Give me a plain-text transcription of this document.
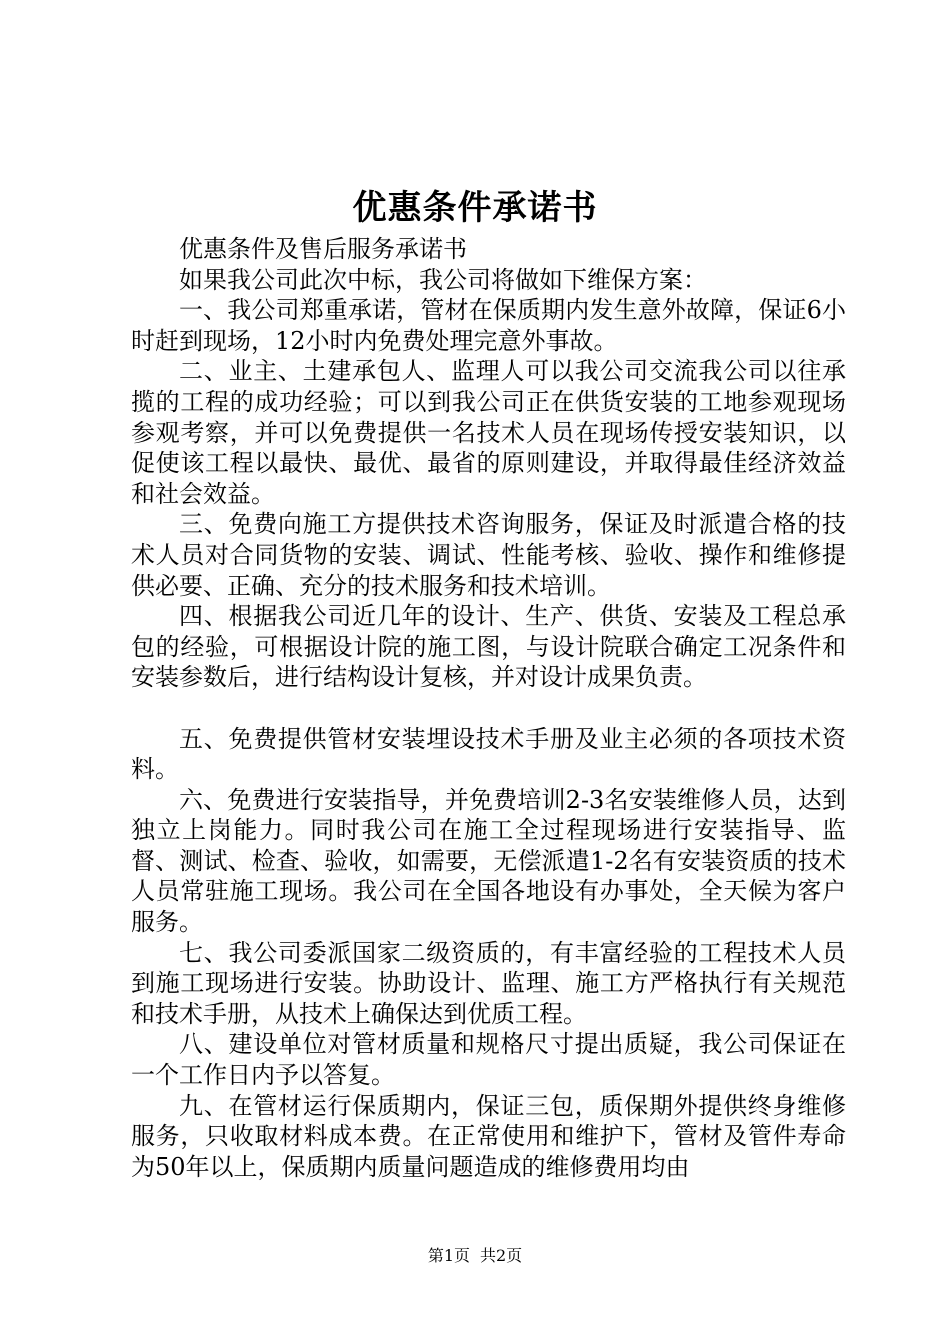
优惠条件承诺书

优惠条件及售后服务承诺书

如果我公司此次中标，我公司将做如下维保方案：

一、我公司郑重承诺，管材在保质期内发生意外故障，保证6小时赶到现场，12小时内免费处理完意外事故。

二、业主、土建承包人、监理人可以我公司交流我公司以往承揽的工程的成功经验；可以到我公司正在供货安装的工地参观现场参观考察，并可以免费提供一名技术人员在现场传授安装知识，以促使该工程以最快、最优、最省的原则建设，并取得最佳经济效益和社会效益。

三、免费向施工方提供技术咨询服务，保证及时派遣合格的技术人员对合同货物的安装、调试、性能考核、验收、操作和维修提供必要、正确、充分的技术服务和技术培训。

四、根据我公司近几年的设计、生产、供货、安装及工程总承包的经验，可根据设计院的施工图，与设计院联合确定工况条件和安装参数后，进行结构设计复核，并对设计成果负责。

五、免费提供管材安装埋设技术手册及业主必须的各项技术资料。

六、免费进行安装指导，并免费培训2-3名安装维修人员，达到独立上岗能力。同时我公司在施工全过程现场进行安装指导、监督、测试、检查、验收，如需要，无偿派遣1-2名有安装资质的技术人员常驻施工现场。我公司在全国各地设有办事处，全天候为客户服务。

七、我公司委派国家二级资质的，有丰富经验的工程技术人员到施工现场进行安装。协助设计、监理、施工方严格执行有关规范和技术手册，从技术上确保达到优质工程。

八、建设单位对管材质量和规格尺寸提出质疑，我公司保证在一个工作日内予以答复。

九、在管材运行保质期内，保证三包，质保期外提供终身维修服务，只收取材料成本费。在正常使用和维护下，管材及管件寿命为50年以上，保质期内质量问题造成的维修费用均由

第1页 共2页
